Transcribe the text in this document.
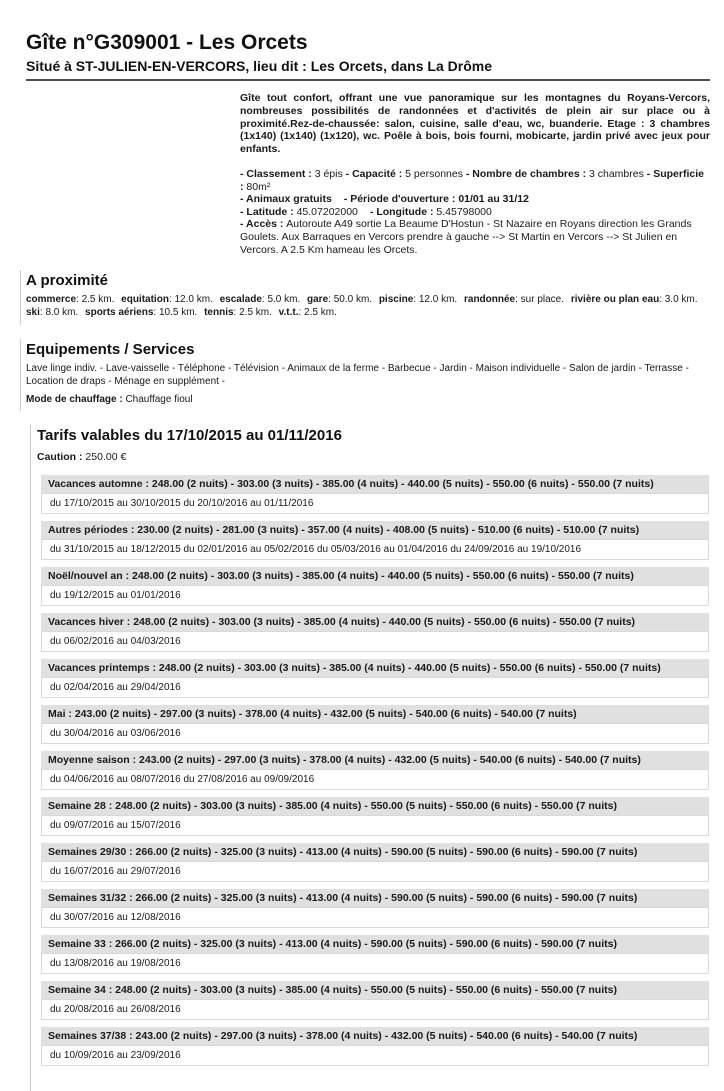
Gîte n°G309001 - Les Orcets
Situé à ST-JULIEN-EN-VERCORS, lieu dit : Les Orcets, dans La Drôme

Gîte tout confort, offrant une vue panoramique sur les montagnes du Royans-Vercors, nombreuses possibilités de randonnées et d'activités de plein air sur place ou à proximité.Rez-de-chaussée: salon, cuisine, salle d'eau, wc, buanderie. Etage : 3 chambres (1x140) (1x140) (1x120), wc. Poêle à bois, bois fourni, mobicarte, jardin privé avec jeux pour enfants.

- Classement : 3 épis - Capacité : 5 personnes - Nombre de chambres : 3 chambres - Superficie : 80m²

- Animaux gratuits - Période d'ouverture : 01/01 au 31/12

- Latitude : 45.07202000 - Longitude : 5.45798000

- Accès : Autoroute A49 sortie La Beaume D'Hostun - St Nazaire en Royans direction les Grands Goulets. Aux Barraques en Vercors prendre à gauche --> St Martin en Vercors --> St Julien en Vercors. A 2.5 Km hameau les Orcets.

A proximité

commerce: 2.5 km. equitation: 12.0 km. escalade: 5.0 km. gare: 50.0 km. piscine: 12.0 km. randonnée: sur place. rivière ou plan eau: 3.0 km. ski: 8.0 km. sports aériens: 10.5 km. tennis: 2.5 km. v.t.t.: 2.5 km.

Equipements / Services

Lave linge indiv. - Lave-vaisselle - Téléphone - Télévision - Animaux de la ferme - Barbecue - Jardin - Maison individuelle - Salon de jardin - Terrasse - Location de draps - Ménage en supplément -

Mode de chauffage : Chauffage fioul

Tarifs valables du 17/10/2015 au 01/11/2016

Caution : 250.00 €

Vacances automne : 248.00 (2 nuits) - 303.00 (3 nuits) - 385.00 (4 nuits) - 440.00 (5 nuits) - 550.00 (6 nuits) - 550.00 (7 nuits)
du 17/10/2015 au 30/10/2015 du 20/10/2016 au 01/11/2016
Autres périodes : 230.00 (2 nuits) - 281.00 (3 nuits) - 357.00 (4 nuits) - 408.00 (5 nuits) - 510.00 (6 nuits) - 510.00 (7 nuits)
du 31/10/2015 au 18/12/2015 du 02/01/2016 au 05/02/2016 du 05/03/2016 au 01/04/2016 du 24/09/2016 au 19/10/2016
Noël/nouvel an : 248.00 (2 nuits) - 303.00 (3 nuits) - 385.00 (4 nuits) - 440.00 (5 nuits) - 550.00 (6 nuits) - 550.00 (7 nuits)
du 19/12/2015 au 01/01/2016
Vacances hiver : 248.00 (2 nuits) - 303.00 (3 nuits) - 385.00 (4 nuits) - 440.00 (5 nuits) - 550.00 (6 nuits) - 550.00 (7 nuits)
du 06/02/2016 au 04/03/2016
Vacances printemps : 248.00 (2 nuits) - 303.00 (3 nuits) - 385.00 (4 nuits) - 440.00 (5 nuits) - 550.00 (6 nuits) - 550.00 (7 nuits)
du 02/04/2016 au 29/04/2016
Mai : 243.00 (2 nuits) - 297.00 (3 nuits) - 378.00 (4 nuits) - 432.00 (5 nuits) - 540.00 (6 nuits) - 540.00 (7 nuits)
du 30/04/2016 au 03/06/2016
Moyenne saison : 243.00 (2 nuits) - 297.00 (3 nuits) - 378.00 (4 nuits) - 432.00 (5 nuits) - 540.00 (6 nuits) - 540.00 (7 nuits)
du 04/06/2016 au 08/07/2016 du 27/08/2016 au 09/09/2016
Semaine 28 : 248.00 (2 nuits) - 303.00 (3 nuits) - 385.00 (4 nuits) - 550.00 (5 nuits) - 550.00 (6 nuits) - 550.00 (7 nuits)
du 09/07/2016 au 15/07/2016
Semaines 29/30 : 266.00 (2 nuits) - 325.00 (3 nuits) - 413.00 (4 nuits) - 590.00 (5 nuits) - 590.00 (6 nuits) - 590.00 (7 nuits)
du 16/07/2016 au 29/07/2016
Semaines 31/32 : 266.00 (2 nuits) - 325.00 (3 nuits) - 413.00 (4 nuits) - 590.00 (5 nuits) - 590.00 (6 nuits) - 590.00 (7 nuits)
du 30/07/2016 au 12/08/2016
Semaine 33 : 266.00 (2 nuits) - 325.00 (3 nuits) - 413.00 (4 nuits) - 590.00 (5 nuits) - 590.00 (6 nuits) - 590.00 (7 nuits)
du 13/08/2016 au 19/08/2016
Semaine 34 : 248.00 (2 nuits) - 303.00 (3 nuits) - 385.00 (4 nuits) - 550.00 (5 nuits) - 550.00 (6 nuits) - 550.00 (7 nuits)
du 20/08/2016 au 26/08/2016
Semaines 37/38 : 243.00 (2 nuits) - 297.00 (3 nuits) - 378.00 (4 nuits) - 432.00 (5 nuits) - 540.00 (6 nuits) - 540.00 (7 nuits)
du 10/09/2016 au 23/09/2016
